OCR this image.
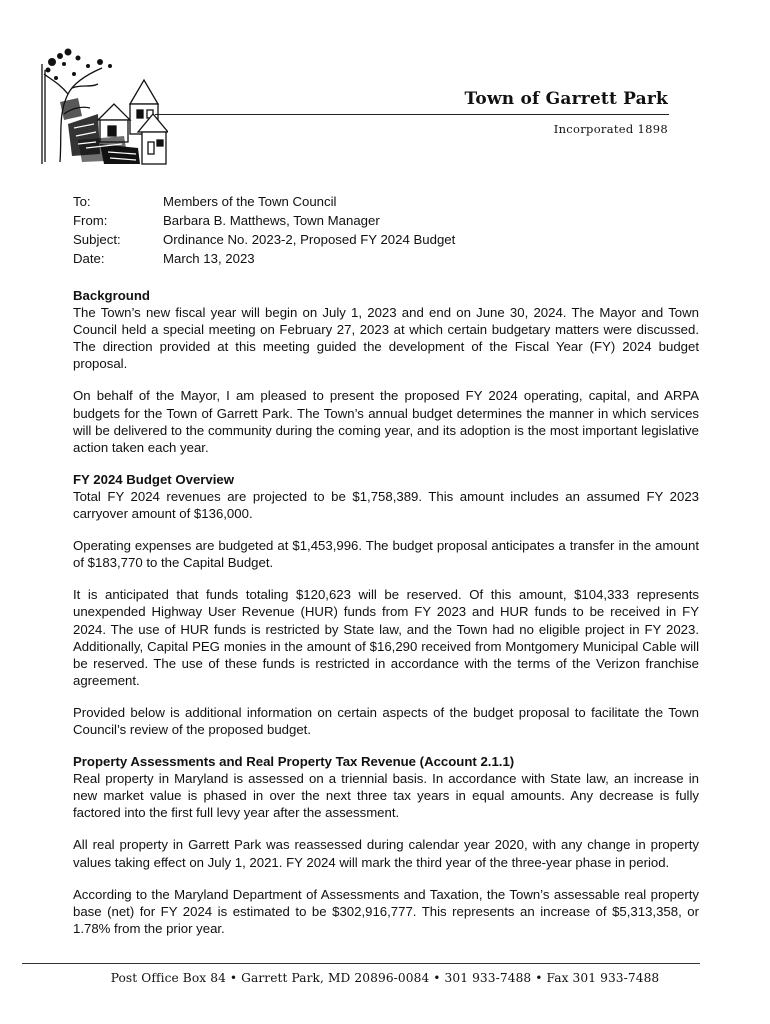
Town of Garrett Park
Incorporated 1898
To:	Members of the Town Council
From:	Barbara B. Matthews, Town Manager
Subject:	Ordinance No. 2023-2, Proposed FY 2024 Budget
Date:	March 13, 2023

Background
The Town’s new fiscal year will begin on July 1, 2023 and end on June 30, 2024. The Mayor and Town Council held a special meeting on February 27, 2023 at which certain budgetary matters were discussed. The direction provided at this meeting guided the development of the Fiscal Year (FY) 2024 budget proposal.

On behalf of the Mayor, I am pleased to present the proposed FY 2024 operating, capital, and ARPA budgets for the Town of Garrett Park. The Town’s annual budget determines the manner in which services will be delivered to the community during the coming year, and its adoption is the most important legislative action taken each year.

FY 2024 Budget Overview
Total FY 2024 revenues are projected to be $1,758,389. This amount includes an assumed FY 2023 carryover amount of $136,000.

Operating expenses are budgeted at $1,453,996. The budget proposal anticipates a transfer in the amount of $183,770 to the Capital Budget.

It is anticipated that funds totaling $120,623 will be reserved. Of this amount, $104,333 represents unexpended Highway User Revenue (HUR) funds from FY 2023 and HUR funds to be received in FY 2024. The use of HUR funds is restricted by State law, and the Town had no eligible project in FY 2023. Additionally, Capital PEG monies in the amount of $16,290 received from Montgomery Municipal Cable will be reserved. The use of these funds is restricted in accordance with the terms of the Verizon franchise agreement.

Provided below is additional information on certain aspects of the budget proposal to facilitate the Town Council’s review of the proposed budget.

Property Assessments and Real Property Tax Revenue (Account 2.1.1)
Real property in Maryland is assessed on a triennial basis. In accordance with State law, an increase in new market value is phased in over the next three tax years in equal amounts. Any decrease is fully factored into the first full levy year after the assessment.

All real property in Garrett Park was reassessed during calendar year 2020, with any change in property values taking effect on July 1, 2021. FY 2024 will mark the third year of the three-year phase in period.

According to the Maryland Department of Assessments and Taxation, the Town’s assessable real property base (net) for FY 2024 is estimated to be $302,916,777. This represents an increase of $5,313,358, or 1.78% from the prior year.

Post Office Box 84 • Garrett Park, MD 20896-0084 • 301 933-7488 • Fax 301 933-7488
